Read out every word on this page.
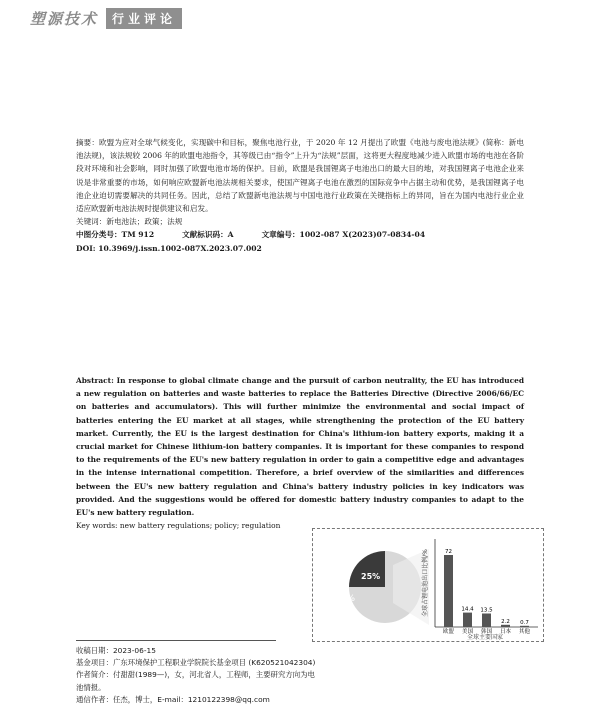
塑源技术	行业评论

摘要：欧盟为应对全球气候变化，实现碳中和目标，聚焦电池行业，于 2020 年 12 月提出了欧盟《电池与废电池法规》(简称：新电池法规)，该法规较 2006 年的欧盟电池指令，其等级已由“指令”上升为“法规”层面，这将更大程度地减少进入欧盟市场的电池在各阶段对环境和社会影响，同时加强了欧盟电池市场的保护。目前，欧盟是我国锂离子电池出口的最大目的地，对我国锂离子电池企业来说是非常重要的市场，如何响应欧盟新电池法规相关要求，使国产锂离子电池在激烈的国际竞争中占据主动和优势，是我国锂离子电池企业迫切需要解决的共同任务。因此，总结了欧盟新电池法规与中国电池行业政策在关键指标上的异同，旨在为国内电池行业企业适应欧盟新电池法规时提供建议和启发。

关键词：新电池法；政策；法规

中图分类号：TM 912	文献标识码：A	文章编号：1002-087 X(2023)07-0834-04

DOI: 10.3969/j.issn.1002-087X.2023.07.002

Abstract: In response to global climate change and the pursuit of carbon neutrality, the EU has introduced a new regulation on batteries and waste batteries to replace the Batteries Directive (Directive 2006/66/EC on batteries and accumulators). This will further minimize the environmental and social impact of batteries entering the EU market at all stages, while strengthening the protection of the EU battery market. Currently, the EU is the largest destination for China's lithium-ion battery exports, making it a crucial market for Chinese lithium-ion battery companies. It is important for these companies to respond to the requirements of the EU's new battery regulation in order to gain a competitive edge and advantages in the intense international competition. Therefore, a brief overview of the similarities and differences between the EU's new battery regulation and China's battery industry policies in key indicators was provided. And the suggestions would be offered for domestic battery industry companies to adapt to the EU's new battery regulation.

Key words: new battery regulations; policy; regulation

75%
25%	全球占锂电池出口比例/%
全球主要国家
72
欧盟
14.4
美国
13.5
韩国
2.2
日本
0.7
其他

收稿日期：2023-06-15

基金项目：广东环境保护工程职业学院院长基金项目 (K620521042304)

作者简介：付甜甜(1989—)，女，河北省人，工程师，主要研究方向为电池情报。

通信作者：任杰，博士，E-mail：1210122398@qq.com
